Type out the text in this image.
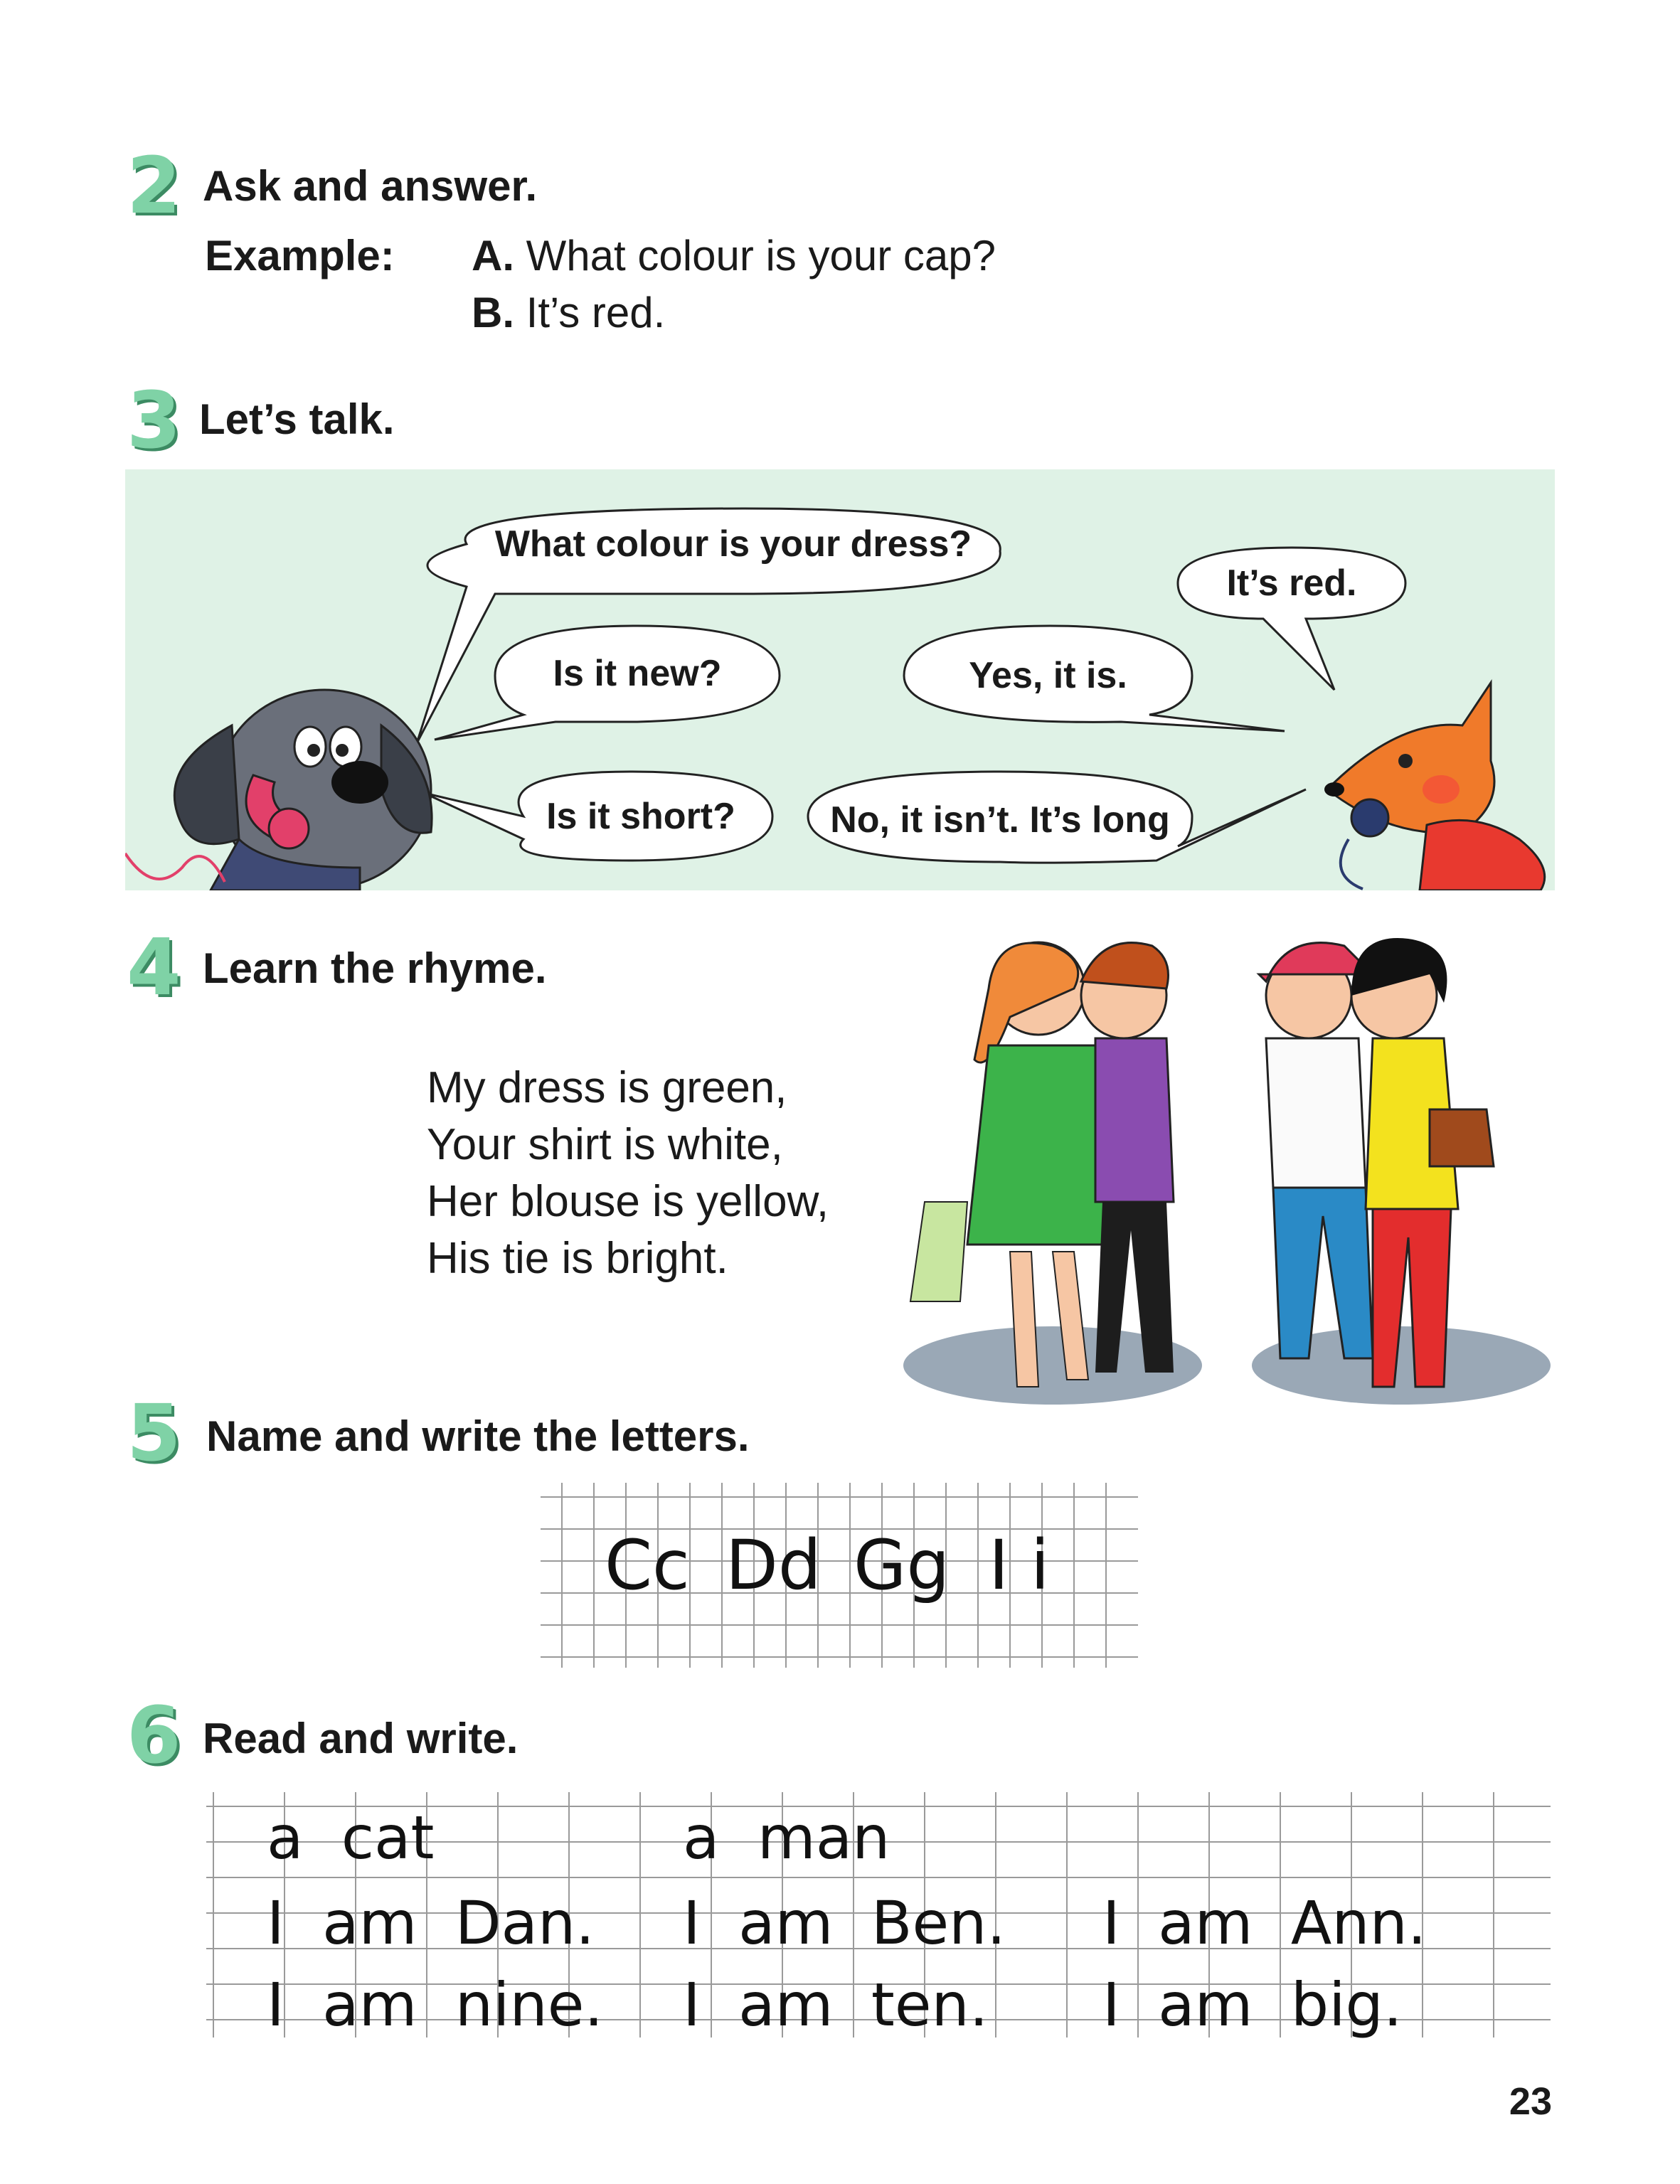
2 Ask and answer.
Example: A. What colour is your cap?
B. It’s red.
3 Let’s talk.
What colour is your dress?
It’s red.
Is it new?	Yes, it is.
Is it short?	No, it isn’t. It’s long
4 Learn the rhyme.
My dress is green,
Your shirt is white,
Her blouse is yellow,
His tie is bright.
5 Name and write the letters.
Cc Dd Gg I i
6 Read and write.
a  cat	a  man
I  am  Dan. I  am  Ben. I  am  Ann.
I  am  nine. I  am  ten. I  am  big.
23
